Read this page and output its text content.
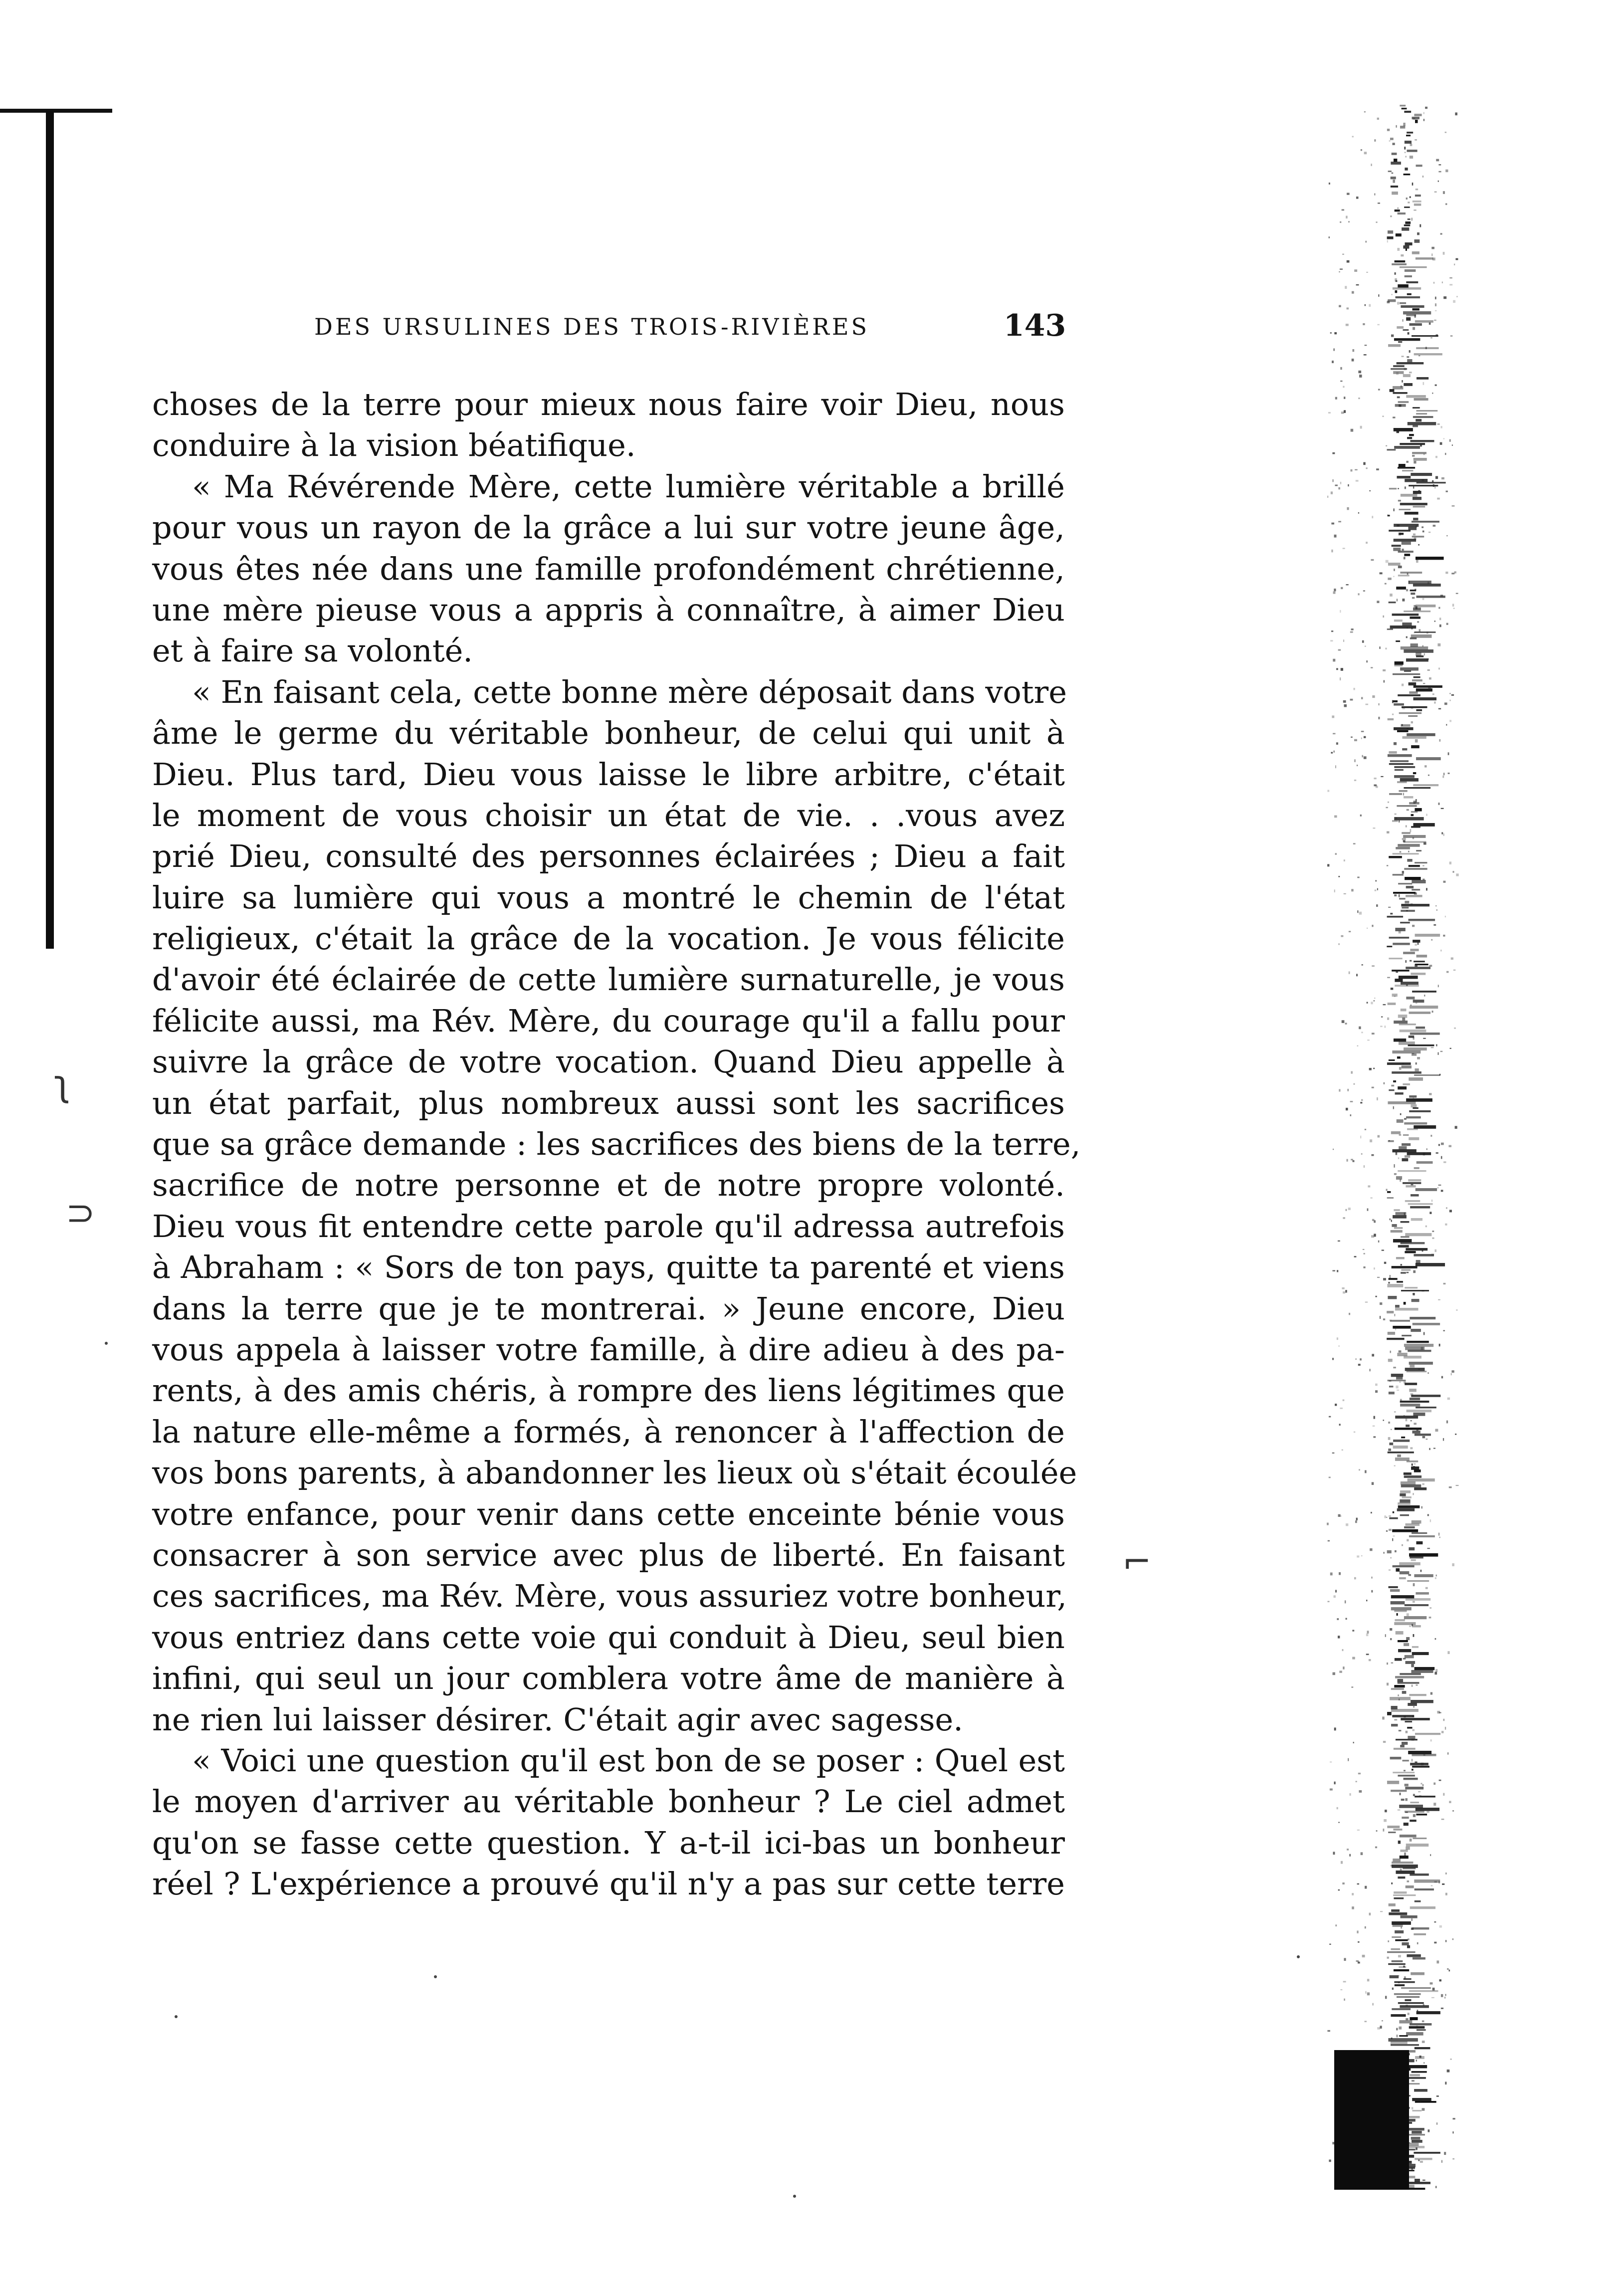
DES URSULINES DES TROIS-RIVIÈRES	143
choses de la terre pour mieux nous faire voir Dieu, nous
conduire à la vision béatifique.
« Ma Révérende Mère, cette lumière véritable a brillé
pour vous un rayon de la grâce a lui sur votre jeune âge,
vous êtes née dans une famille profondément chrétienne,
une mère pieuse vous a appris à connaître, à aimer Dieu
et à faire sa volonté.
« En faisant cela, cette bonne mère déposait dans votre
âme le germe du véritable bonheur, de celui qui unit à
Dieu. Plus tard, Dieu vous laisse le libre arbitre, c'était
le moment de vous choisir un état de vie. . .vous avez
prié Dieu, consulté des personnes éclairées ; Dieu a fait
luire sa lumière qui vous a montré le chemin de l'état
religieux, c'était la grâce de la vocation. Je vous félicite
d'avoir été éclairée de cette lumière surnaturelle, je vous
félicite aussi, ma Rév. Mère, du courage qu'il a fallu pour
suivre la grâce de votre vocation. Quand Dieu appelle à
un état parfait, plus nombreux aussi sont les sacrifices
que sa grâce demande : les sacrifices des biens de la terre,
sacrifice de notre personne et de notre propre volonté.
Dieu vous fit entendre cette parole qu'il adressa autrefois
à Abraham : « Sors de ton pays, quitte ta parenté et viens
dans la terre que je te montrerai. » Jeune encore, Dieu
vous appela à laisser votre famille, à dire adieu à des pa-
rents, à des amis chéris, à rompre des liens légitimes que
la nature elle-même a formés, à renoncer à l'affection de
vos bons parents, à abandonner les lieux où s'était écoulée
votre enfance, pour venir dans cette enceinte bénie vous
consacrer à son service avec plus de liberté. En faisant
ces sacrifices, ma Rév. Mère, vous assuriez votre bonheur,
vous entriez dans cette voie qui conduit à Dieu, seul bien
infini, qui seul un jour comblera votre âme de manière à
ne rien lui laisser désirer. C'était agir avec sagesse.
« Voici une question qu'il est bon de se poser : Quel est
le moyen d'arriver au véritable bonheur ? Le ciel admet
qu'on se fasse cette question. Y a-t-il ici-bas un bonheur
réel ? L'expérience a prouvé qu'il n'y a pas sur cette terre
ʅ
⊃
⌐
